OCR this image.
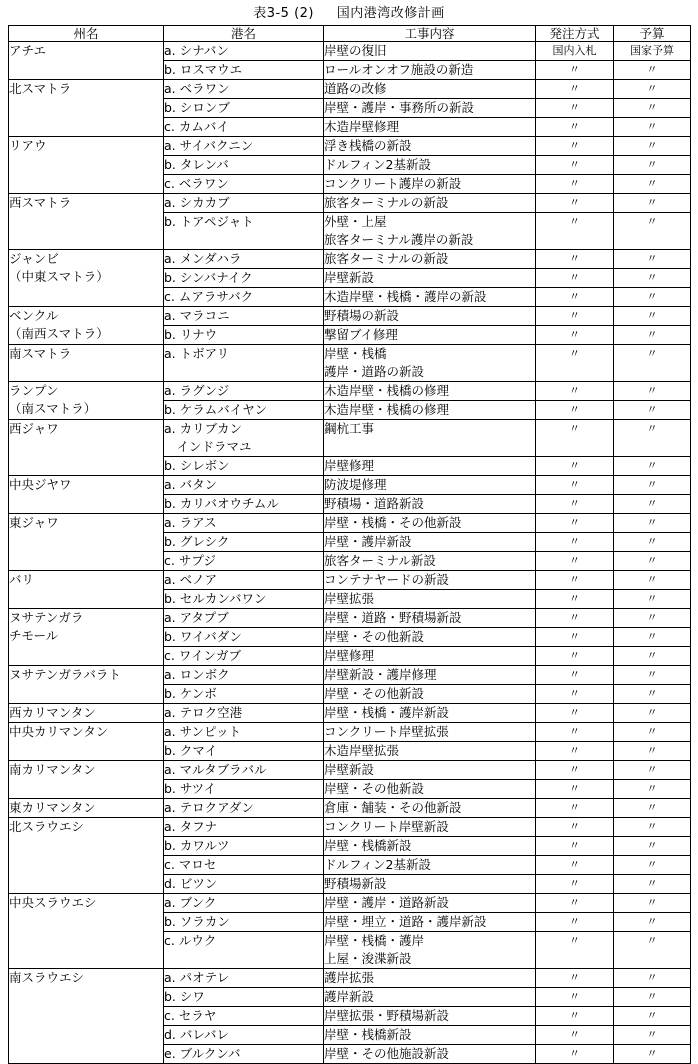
表3-5 (2)  　国内港湾改修計画
州名	港名	工事内容	発注方式	予算

アチエ	a. シナバン	岸壁の復旧	国内入札	国家予算

	b. ロスマウエ	ロールオンオフ施設の新造	〃	〃

北スマトラ	a. ベラワン	道路の改修	〃	〃

	b. シロンブ	岸壁・護岸・事務所の新設	〃	〃

	c. カムバイ	木造岸壁修理	〃	〃

リアウ	a. サイバクニン	浮き桟橋の新設	〃	〃

	b. タレンバ	ドルフィン2基新設	〃	〃

	c. ベラワン	コンクリート護岸の新設	〃	〃

西スマトラ	a. シカカブ	旅客ターミナルの新設	〃	〃

	b. トアペジャト	外壁・上屋
旅客ターミナル護岸の新設	〃	〃

ジャンビ
（中東スマトラ）	a. メンダハラ	旅客ターミナルの新設	〃	〃

	b. シンバナイク	岸壁新設	〃	〃

	c. ムアラサバク	木造岸壁・桟橋・護岸の新設	〃	〃

ベンクル
（南西スマトラ）	a. マラコニ	野積場の新設	〃	〃

	b. リナウ	撃留ブイ修理	〃	〃

南スマトラ	a. トボアリ	岸壁・桟橋
護岸・道路の新設	〃	〃

ランプン
（南スマトラ）	a. ラグンジ	木造岸壁・桟橋の修理	〃	〃

	b. ケラムバイヤン	木造岸壁・桟橋の修理	〃	〃

西ジャワ	a. カリブカン
　インドラマユ	鋼杭工事	〃	〃

	b. シレボン	岸壁修理	〃	〃

中央ジヤワ	a. バタン	防波堤修理	〃	〃

	b. カリバオウチムル	野積場・道路新設	〃	〃

東ジャワ	a. ラアス	岸壁・桟橋・その他新設	〃	〃

	b. グレシク	岸壁・護岸新設	〃	〃

	c. サプジ	旅客ターミナル新設	〃	〃

バリ	a. ベノア	コンテナヤードの新設	〃	〃

	b. セルカンバワン	岸壁拡張	〃	〃

ヌサテンガラ
チモール	a. アタプブ	岸壁・道路・野積場新設	〃	〃

	b. ワイバダン	岸壁・その他新設	〃	〃

	c. ワインガブ	岸壁修理	〃	〃

ヌサテンガラバラト	a. ロンボク	岸壁新設・護岸修理	〃	〃

	b. ケンボ	岸壁・その他新設	〃	〃

西カリマンタン	a. テロク空港	岸壁・桟橋・護岸新設	〃	〃

中央カリマンタン	a. サンピット	コンクリート岸壁拡張	〃	〃

	b. クマイ	木造岸壁拡張	〃	〃

南カリマンタン	a. マルタブラバル	岸壁新設	〃	〃

	b. サツイ	岸壁・その他新設	〃	〃

東カリマンタン	a. テロクアダン	倉庫・舗装・その他新設	〃	〃

北スラウエシ	a. タフナ	コンクリート岸壁新設	〃	〃

	b. カワルツ	岸壁・桟橋新設	〃	〃

	c. マロセ	ドルフィン2基新設	〃	〃

	d. ビツン	野積場新設	〃	〃

中央スラウエシ	a. ブンク	岸壁・護岸・道路新設	〃	〃

	b. ソラカン	岸壁・埋立・道路・護岸新設	〃	〃

	c. ルウク	岸壁・桟橋・護岸
上屋・浚渫新設	〃	〃

南スラウエシ	a. パオテレ	護岸拡張	〃	〃

	b. シワ	護岸新設	〃	〃

	c. セラヤ	岸壁拡張・野積場新設	〃	〃

	d. バレバレ	岸壁・桟橋新設	〃	〃

	e. ブルクンバ	岸壁・その他施設新設	〃	〃
